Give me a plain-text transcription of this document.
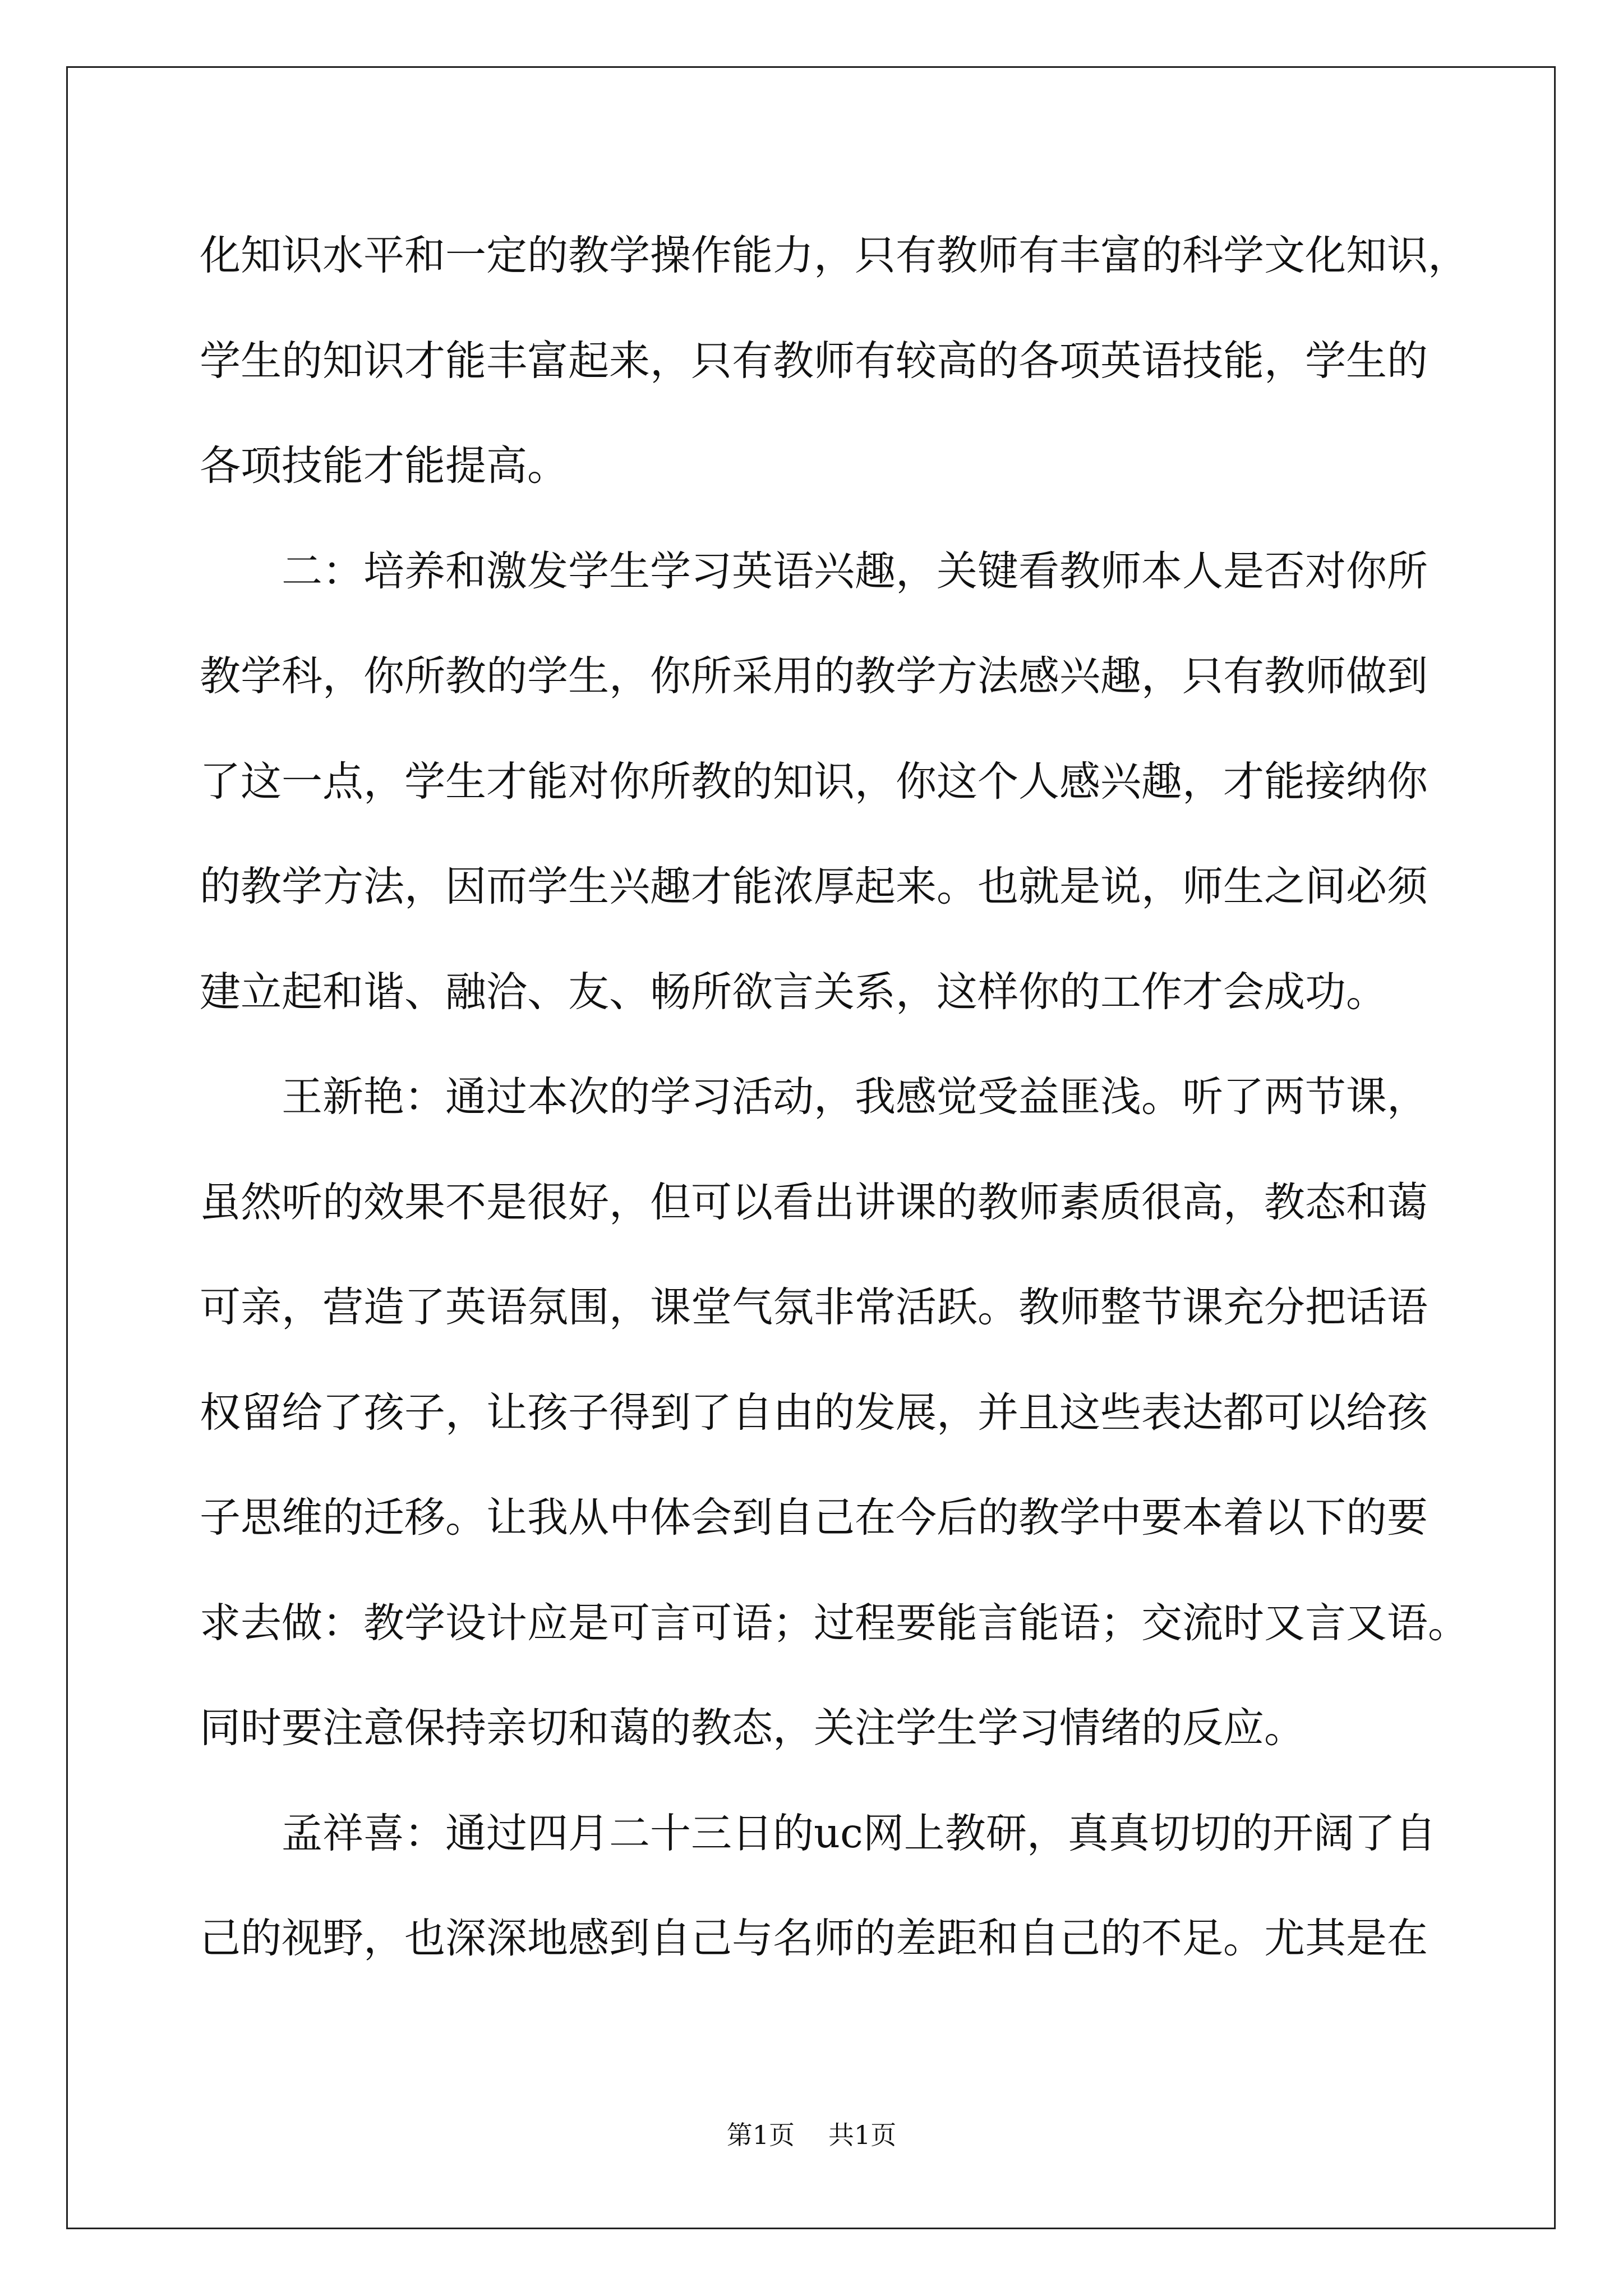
化知识水平和一定的教学操作能力，只有教师有丰富的科学文化知识，
学生的知识才能丰富起来，只有教师有较高的各项英语技能，学生的
各项技能才能提高。
二：培养和激发学生学习英语兴趣，关键看教师本人是否对你所
教学科，你所教的学生，你所采用的教学方法感兴趣，只有教师做到
了这一点，学生才能对你所教的知识，你这个人感兴趣，才能接纳你
的教学方法，因而学生兴趣才能浓厚起来。也就是说，师生之间必须
建立起和谐、融洽、友、畅所欲言关系，这样你的工作才会成功。
王新艳：通过本次的学习活动，我感觉受益匪浅。听了两节课，
虽然听的效果不是很好，但可以看出讲课的教师素质很高，教态和蔼
可亲，营造了英语氛围，课堂气氛非常活跃。教师整节课充分把话语
权留给了孩子，让孩子得到了自由的发展，并且这些表达都可以给孩
子思维的迁移。让我从中体会到自己在今后的教学中要本着以下的要
求去做：教学设计应是可言可语；过程要能言能语；交流时又言又语。
同时要注意保持亲切和蔼的教态，关注学生学习情绪的反应。
孟祥喜：通过四月二十三日的uc网上教研，真真切切的开阔了自
己的视野，也深深地感到自己与名师的差距和自己的不足。尤其是在
第1页 共1页
